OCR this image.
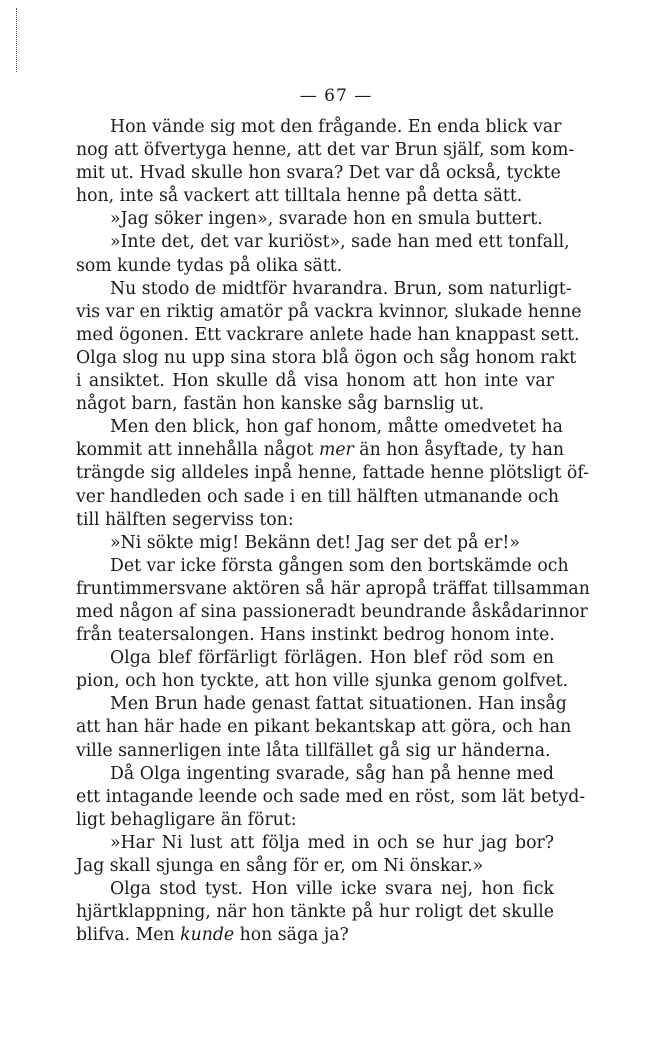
— 67 —

Hon vände sig mot den frågande. En enda blick var
nog att öfvertyga henne, att det var Brun själf, som kom-
mit ut. Hvad skulle hon svara? Det var då också, tyckte
hon, inte så vackert att tilltala henne på detta sätt.

»Jag söker ingen», svarade hon en smula buttert.

»Inte det, det var kuriöst», sade han med ett tonfall,
som kunde tydas på olika sätt.

Nu stodo de midtför hvarandra. Brun, som naturligt-
vis var en riktig amatör på vackra kvinnor, slukade henne
med ögonen. Ett vackrare anlete hade han knappast sett.
Olga slog nu upp sina stora blå ögon och såg honom rakt
i ansiktet. Hon skulle då visa honom att hon inte var
något barn, fastän hon kanske såg barnslig ut.

Men den blick, hon gaf honom, måtte omedvetet ha
kommit att innehålla något mer än hon åsyftade, ty han
trängde sig alldeles inpå henne, fattade henne plötsligt öf-
ver handleden och sade i en till hälften utmanande och
till hälften segerviss ton:

»Ni sökte mig! Bekänn det! Jag ser det på er!»

Det var icke första gången som den bortskämde och
fruntimmersvane aktören så här apropå träffat tillsamman
med någon af sina passioneradt beundrande åskådarinnor
från teatersalongen. Hans instinkt bedrog honom inte.

Olga blef förfärligt förlägen. Hon blef röd som en
pion, och hon tyckte, att hon ville sjunka genom golfvet.

Men Brun hade genast fattat situationen. Han insåg
att han här hade en pikant bekantskap att göra, och han
ville sannerligen inte låta tillfället gå sig ur händerna.

Då Olga ingenting svarade, såg han på henne med
ett intagande leende och sade med en röst, som lät betyd-
ligt behagligare än förut:

»Har Ni lust att följa med in och se hur jag bor?
Jag skall sjunga en sång för er, om Ni önskar.»

Olga stod tyst. Hon ville icke svara nej, hon fick
hjärtklappning, när hon tänkte på hur roligt det skulle
blifva. Men kunde hon säga ja?
